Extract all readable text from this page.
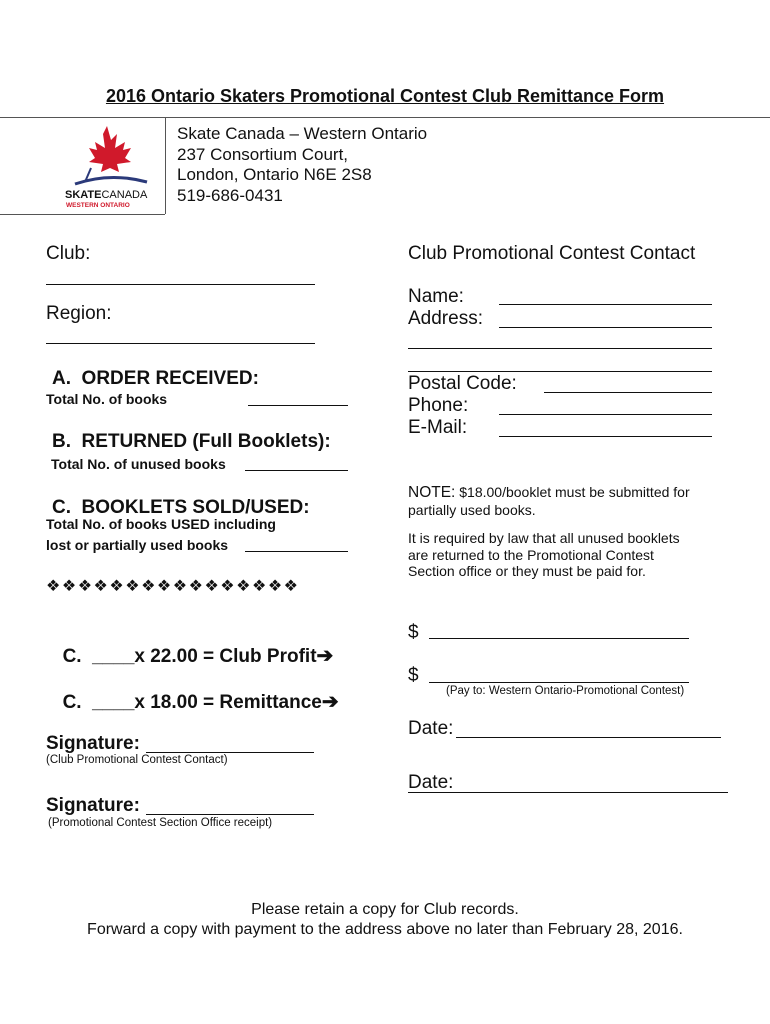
2016 Ontario Skaters Promotional Contest Club Remittance Form
SKATECANADA
WESTERN ONTARIO
Skate Canada – Western Ontario
237 Consortium Court,
London, Ontario N6E 2S8
519-686-0431
Club:
Region:
A.  ORDER RECEIVED:
Total No. of books
B.  RETURNED (Full Booklets):
Total No. of unused books
C.  BOOKLETS SOLD/USED:
Total No. of books USED including
lost or partially used books
❖❖❖❖❖❖❖❖❖❖❖❖❖❖❖❖
Club Promotional Contest Contact
Name:
Address:
Postal Code:
Phone:
E-Mail:
NOTE: $18.00/booklet must be submitted for
partially used books.
It is required by law that all unused booklets
are returned to the Promotional Contest
Section office or they must be paid for.

C.  ____x 22.00 = Club Profit➔

$

C.  ____x 18.00 = Remittance➔

$
(Pay to: Western Ontario-Promotional Contest)
Signature:
(Club Promotional Contest Contact)
Date:
Date:
Signature:
(Promotional Contest Section Office receipt)
Please retain a copy for Club records.
Forward a copy with payment to the address above no later than February 28, 2016.
